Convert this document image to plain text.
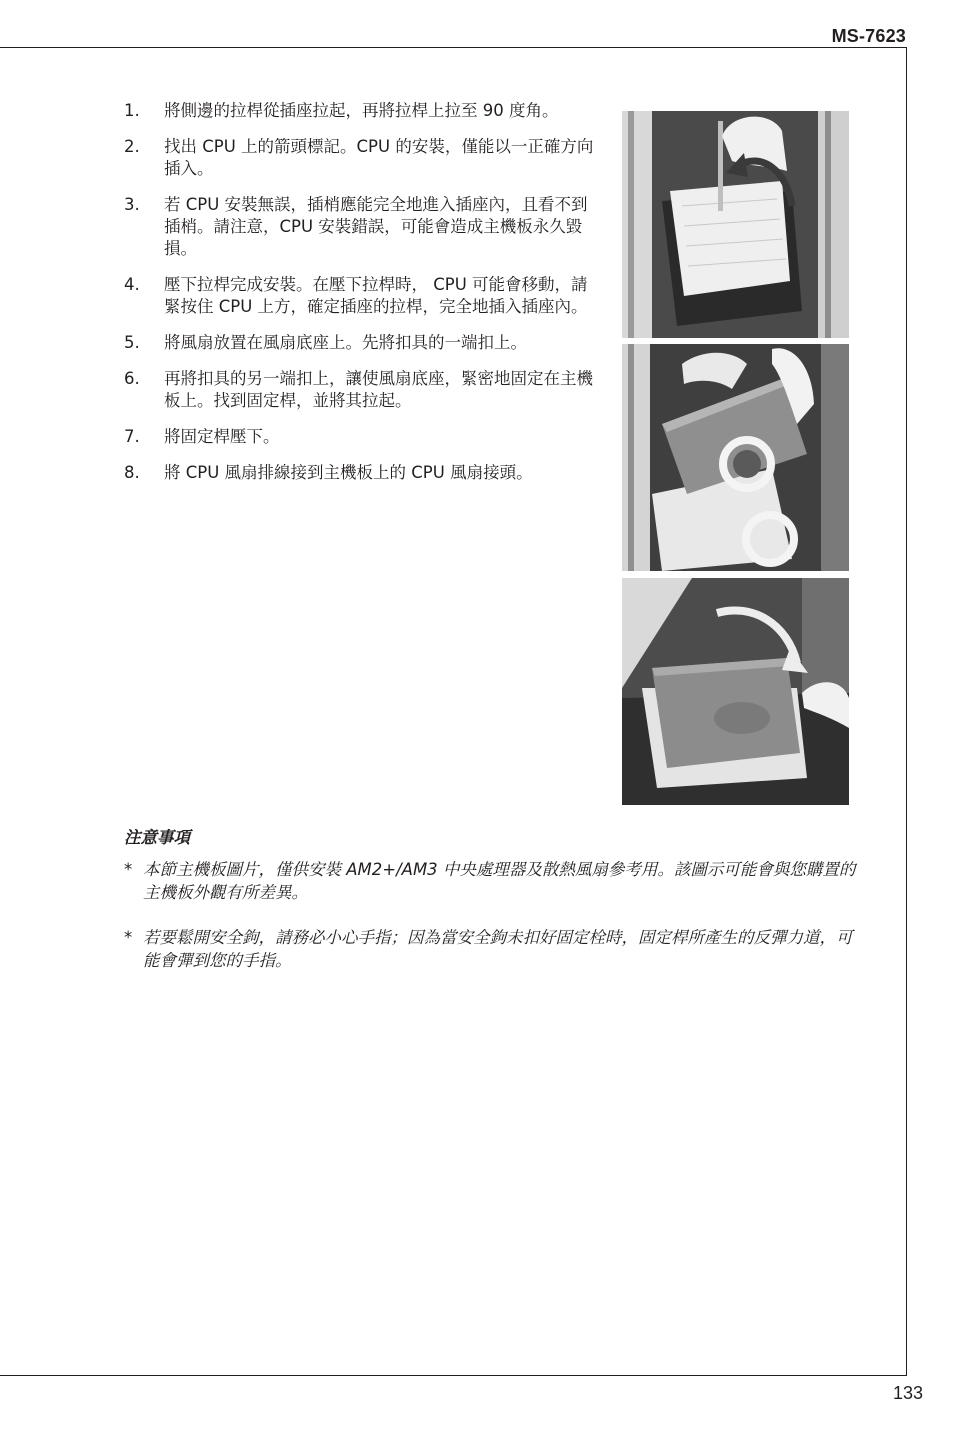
MS-7623
1. 將側邊的拉桿從插座拉起，再將拉桿上拉至 90 度角。
2. 找出 CPU 上的箭頭標記。CPU 的安裝，僅能以一正確方向插入。
3. 若 CPU 安裝無誤，插梢應能完全地進入插座內，且看不到插梢。請注意，CPU 安裝錯誤，可能會造成主機板永久毀損。
4. 壓下拉桿完成安裝。在壓下拉桿時， CPU 可能會移動，請緊按住 CPU 上方，確定插座的拉桿，完全地插入插座內。
5. 將風扇放置在風扇底座上。先將扣具的一端扣上。
6. 再將扣具的另一端扣上，讓使風扇底座，緊密地固定在主機板上。找到固定桿，並將其拉起。
7. 將固定桿壓下。
8. 將 CPU 風扇排線接到主機板上的 CPU 風扇接頭。
注意事項
* 本節主機板圖片，僅供安裝 AM2+/AM3 中央處理器及散熱風扇參考用。該圖示可能會與您購置的主機板外觀有所差異。
* 若要鬆開安全鉤，請務必小心手指；因為當安全鉤未扣好固定栓時，固定桿所產生的反彈力道，可能會彈到您的手指。
133
